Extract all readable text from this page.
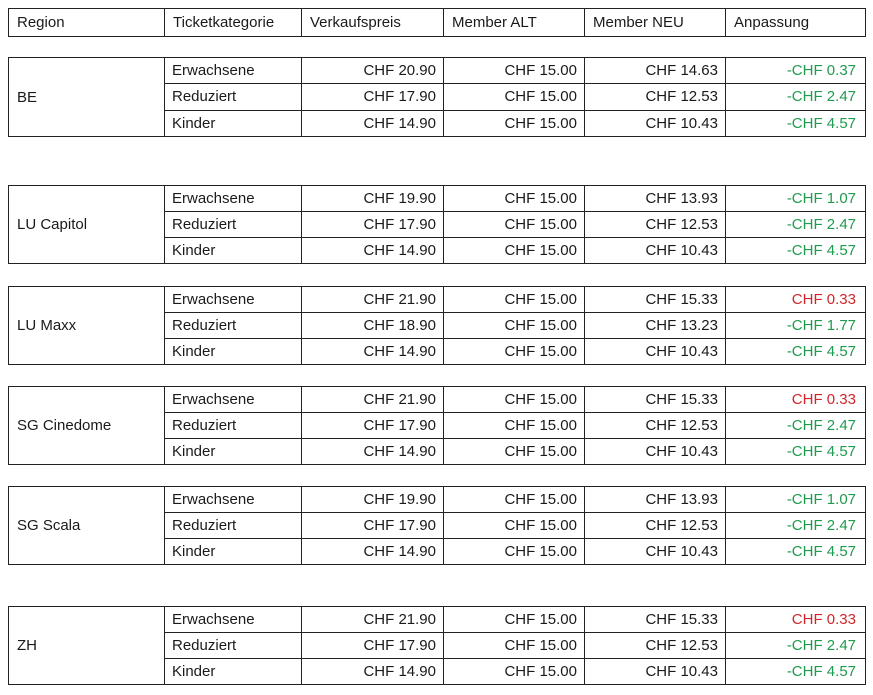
Region	Ticketkategorie	Verkaufspreis	Member ALT	Member NEU	Anpassung
BE
Erwachsene	CHF 20.90	CHF 15.00	CHF 14.63	-CHF 0.37
Reduziert	CHF 17.90	CHF 15.00	CHF 12.53	-CHF 2.47
Kinder	CHF 14.90	CHF 15.00	CHF 10.43	-CHF 4.57
LU Capitol
Erwachsene	CHF 19.90	CHF 15.00	CHF 13.93	-CHF 1.07
Reduziert	CHF 17.90	CHF 15.00	CHF 12.53	-CHF 2.47
Kinder	CHF 14.90	CHF 15.00	CHF 10.43	-CHF 4.57
LU Maxx
Erwachsene	CHF 21.90	CHF 15.00	CHF 15.33	CHF 0.33
Reduziert	CHF 18.90	CHF 15.00	CHF 13.23	-CHF 1.77
Kinder	CHF 14.90	CHF 15.00	CHF 10.43	-CHF 4.57
SG Cinedome
Erwachsene	CHF 21.90	CHF 15.00	CHF 15.33	CHF 0.33
Reduziert	CHF 17.90	CHF 15.00	CHF 12.53	-CHF 2.47
Kinder	CHF 14.90	CHF 15.00	CHF 10.43	-CHF 4.57
SG Scala
Erwachsene	CHF 19.90	CHF 15.00	CHF 13.93	-CHF 1.07
Reduziert	CHF 17.90	CHF 15.00	CHF 12.53	-CHF 2.47
Kinder	CHF 14.90	CHF 15.00	CHF 10.43	-CHF 4.57
ZH
Erwachsene	CHF 21.90	CHF 15.00	CHF 15.33	CHF 0.33
Reduziert	CHF 17.90	CHF 15.00	CHF 12.53	-CHF 2.47
Kinder	CHF 14.90	CHF 15.00	CHF 10.43	-CHF 4.57
